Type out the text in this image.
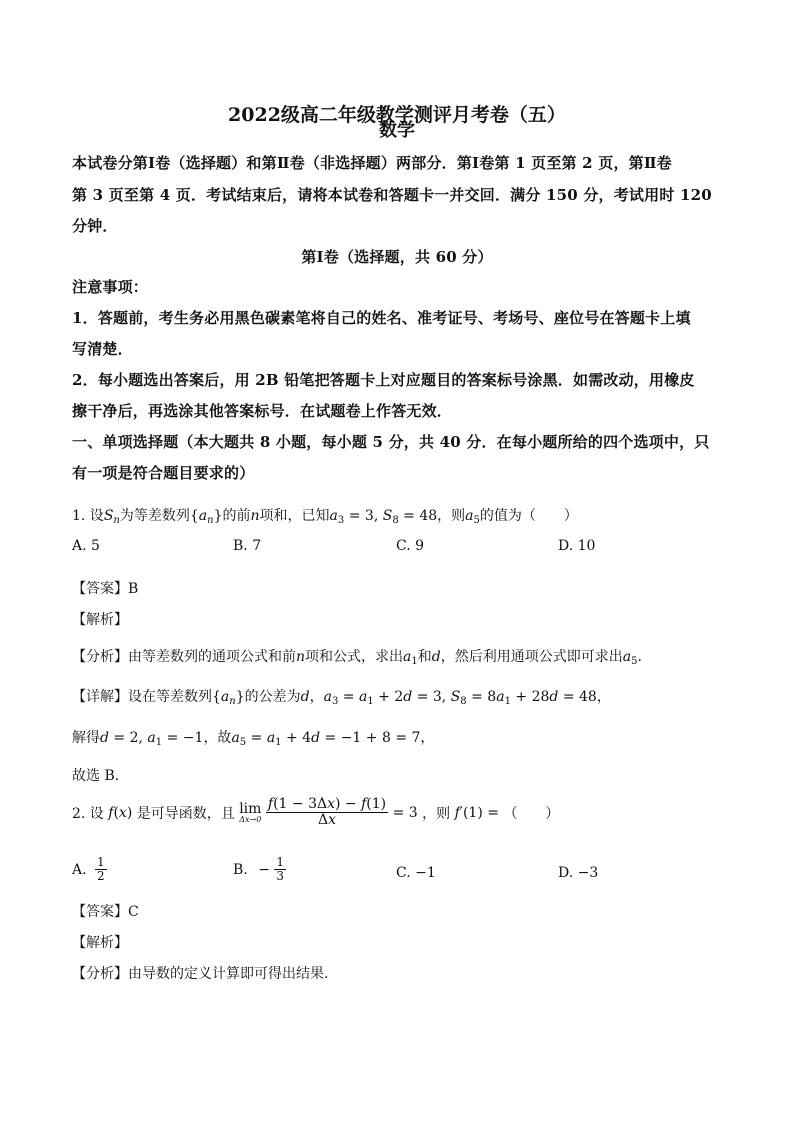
2022级高二年级教学测评月考卷（五）
数学
本试卷分第Ⅰ卷（选择题）和第Ⅱ卷（非选择题）两部分．第Ⅰ卷第 1 页至第 2 页，第Ⅱ卷
第 3 页至第 4 页．考试结束后，请将本试卷和答题卡一并交回．满分 150 分，考试用时 120
分钟．
第Ⅰ卷（选择题，共 60 分）
注意事项：
1．答题前，考生务必用黑色碳素笔将自己的姓名、准考证号、考场号、座位号在答题卡上填
写清楚．
2．每小题选出答案后，用 2B 铅笔把答题卡上对应题目的答案标号涂黑．如需改动，用橡皮
擦干净后，再选涂其他答案标号．在试题卷上作答无效．
一、单项选择题（本大题共 8 小题，每小题 5 分，共 40 分．在每小题所给的四个选项中，只
有一项是符合题目要求的）
1. 设$S_n$为等差数列$\{a_n\}$的前n项和，已知$a_3 = 3$, $S_8 = 48$，则$a_5$的值为（　　）
A. 5	B. 7	C. 9	D. 10
【答案】B
【解析】
【分析】由等差数列的通项公式和前n项和公式，求出$a_1$和d，然后利用通项公式即可求出$a_5$.
【详解】设在等差数列$\{a_n\}$的公差为d，$a_3 = a_1 + 2d = 3$, $S_8 = 8a_1 + 28d = 48$，
解得d = 2, $a_1 = -1$，故$a_5 = a_1 + 4d = -1 + 8 = 7$，
故选 B．
2. 设 f(x) 是可导函数，且 lim
Δx→0
$\frac{f(1 - 3\Delta x) - f(1)}{\Delta x} = 3$ ，则 f′(1) = （　　）
A. $\frac{1}{2}$	B. − $\frac{1}{3}$	C. −1	D. −3
【答案】C
【解析】
【分析】由导数的定义计算即可得出结果.
